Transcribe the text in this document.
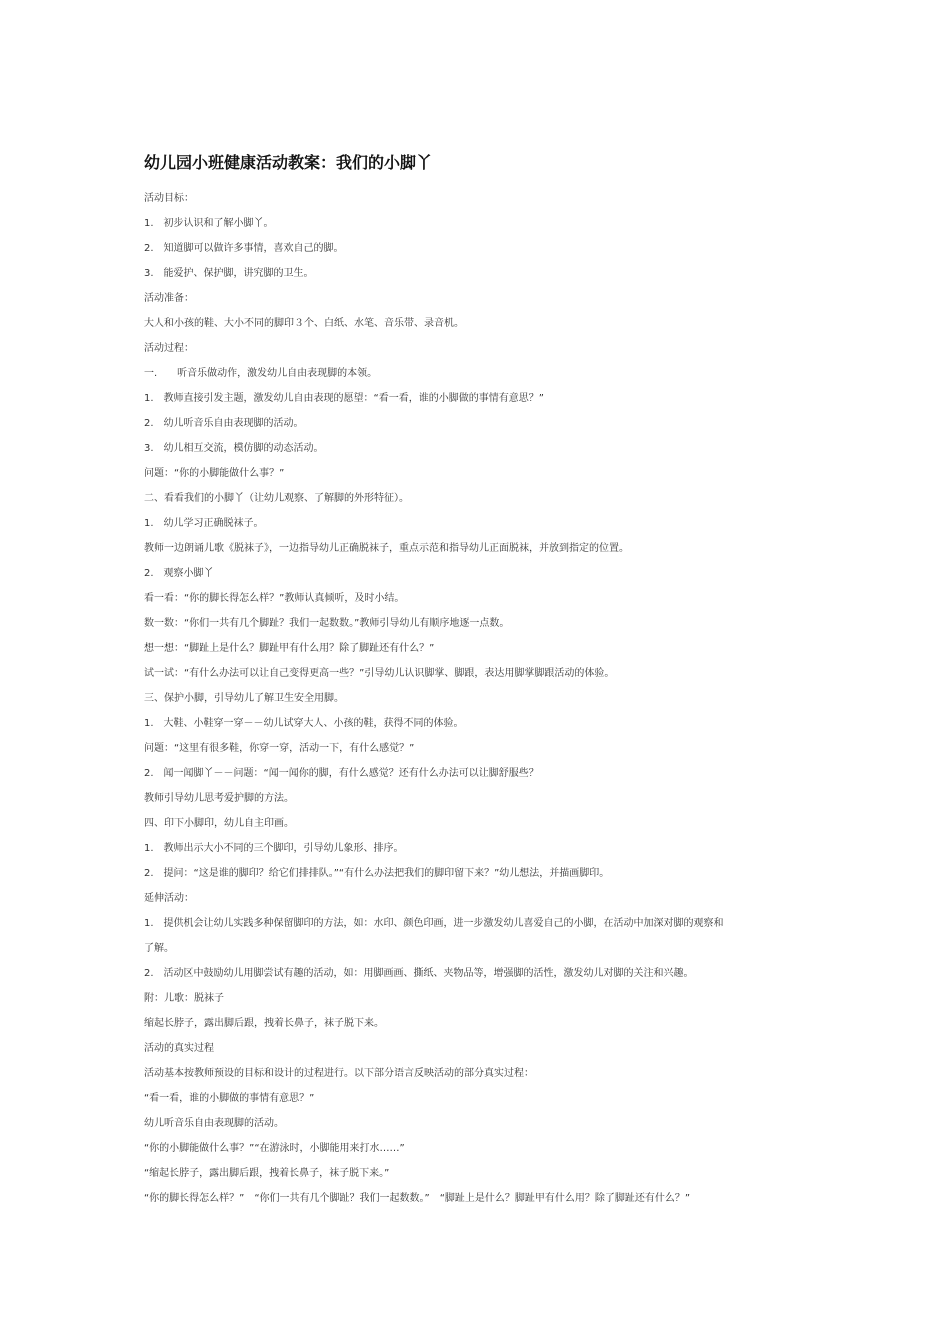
幼儿园小班健康活动教案：我们的小脚丫
活动目标：
1.　初步认识和了解小脚丫。
2.　知道脚可以做许多事情，喜欢自己的脚。
3.　能爱护、保护脚，讲究脚的卫生。
活动准备：
大人和小孩的鞋、大小不同的脚印３个、白纸、水笔、音乐带、录音机。
活动过程：
一.　　听音乐做动作，激发幼儿自由表现脚的本领。
1.　教师直接引发主题，激发幼儿自由表现的愿望：“看一看，谁的小脚做的事情有意思？”
2.　幼儿听音乐自由表现脚的活动。
3.　幼儿相互交流，模仿脚的动态活动。
问题：“你的小脚能做什么事？”
二、看看我们的小脚丫（让幼儿观察、了解脚的外形特征）。
1.　幼儿学习正确脱袜子。
教师一边朗诵儿歌《脱袜子》，一边指导幼儿正确脱袜子，重点示范和指导幼儿正面脱袜，并放到指定的位置。
2.　观察小脚丫
看一看：“你的脚长得怎么样？”教师认真倾听，及时小结。
数一数：“你们一共有几个脚趾？我们一起数数。”教师引导幼儿有顺序地逐一点数。
想一想：“脚趾上是什么？脚趾甲有什么用？除了脚趾还有什么？”
试一试：“有什么办法可以让自己变得更高一些？”引导幼儿认识脚掌、脚跟，表达用脚掌脚跟活动的体验。
三、保护小脚，引导幼儿了解卫生安全用脚。
1.　大鞋、小鞋穿一穿－－幼儿试穿大人、小孩的鞋，获得不同的体验。
问题：“这里有很多鞋，你穿一穿，活动一下，有什么感觉？”
2.　闻一闻脚丫－－问题：“闻一闻你的脚，有什么感觉？还有什么办法可以让脚舒服些？
教师引导幼儿思考爱护脚的方法。
四、印下小脚印，幼儿自主印画。
1.　教师出示大小不同的三个脚印，引导幼儿象形、排序。
2.　提问：“这是谁的脚印？给它们排排队。”“有什么办法把我们的脚印留下来？”幼儿想法，并描画脚印。
延伸活动：
1.　提供机会让幼儿实践多种保留脚印的方法，如：水印、颜色印画，进一步激发幼儿喜爱自己的小脚，在活动中加深对脚的观察和
了解。
2.　活动区中鼓励幼儿用脚尝试有趣的活动，如：用脚画画、撕纸、夹物品等，增强脚的活性，激发幼儿对脚的关注和兴趣。
附：儿歌：脱袜子
缩起长脖子，露出脚后跟，拽着长鼻子，袜子脱下来。
活动的真实过程
活动基本按教师预设的目标和设计的过程进行。以下部分语言反映活动的部分真实过程：
“看一看，谁的小脚做的事情有意思？”
幼儿听音乐自由表现脚的活动。
“你的小脚能做什么事？”“在游泳时，小脚能用来打水……”
“缩起长脖子，露出脚后跟，拽着长鼻子，袜子脱下来。”
“你的脚长得怎么样？”　“你们一共有几个脚趾？我们一起数数。”　“脚趾上是什么？脚趾甲有什么用？除了脚趾还有什么？”
